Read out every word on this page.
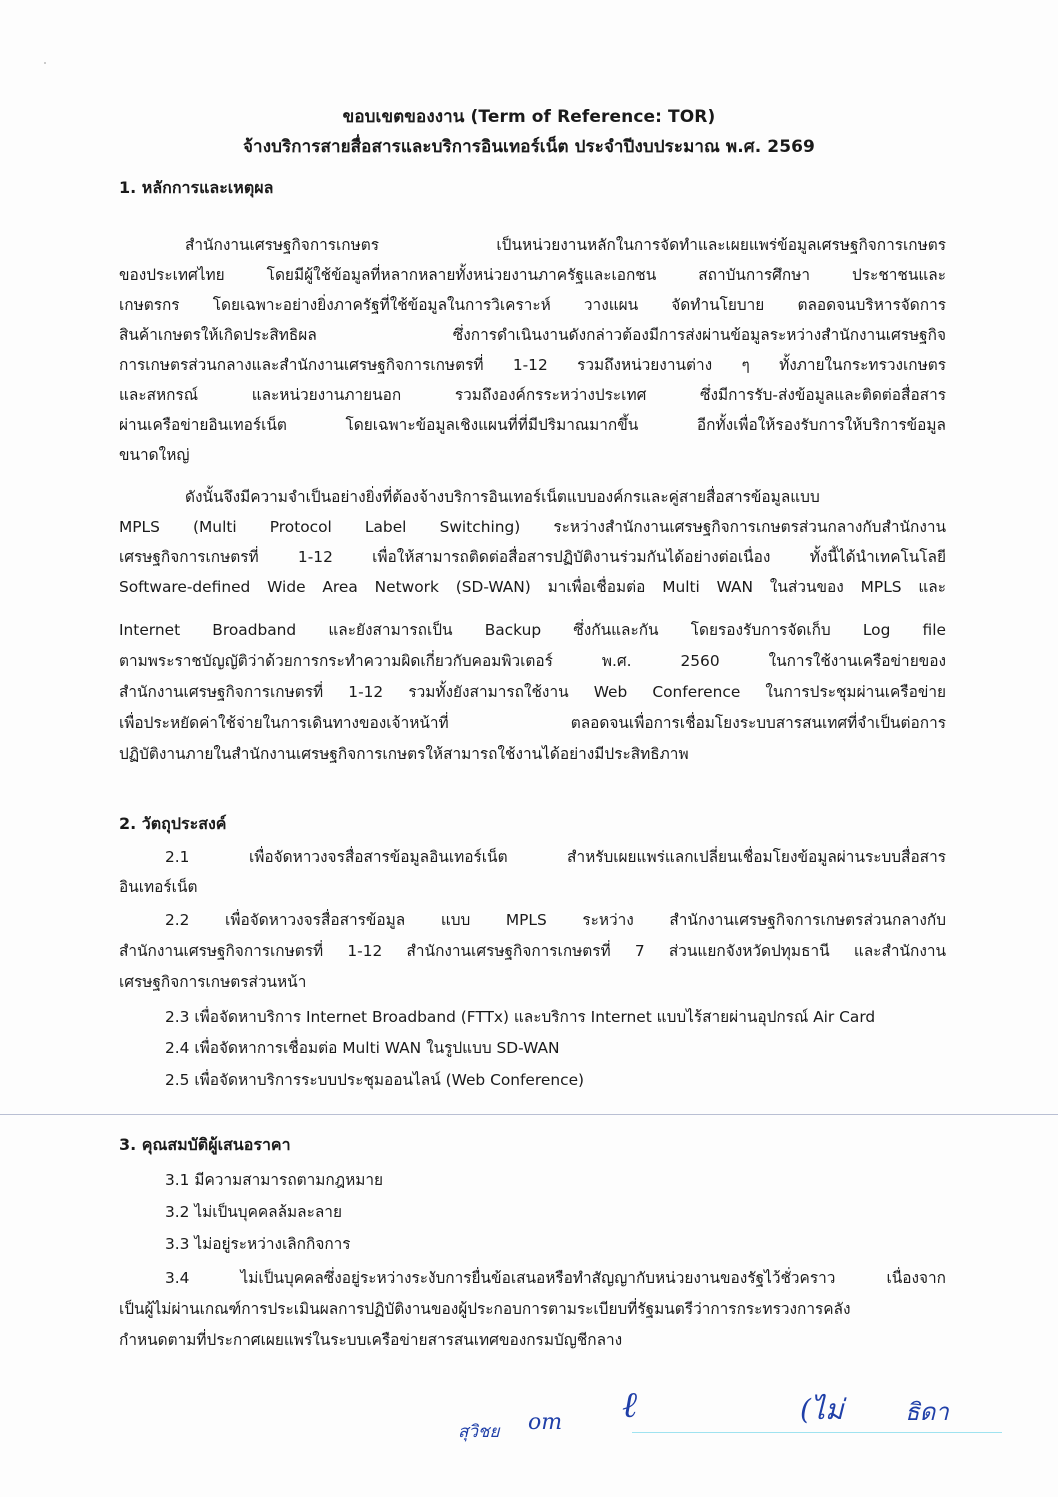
ขอบเขตของงาน (Term of Reference: TOR)
จ้างบริการสายสื่อสารและบริการอินเทอร์เน็ต ประจำปีงบประมาณ พ.ศ. 2569
1. หลักการและเหตุผล
สำนักงานเศรษฐกิจการเกษตร เป็นหน่วยงานหลักในการจัดทำและเผยแพร่ข้อมูลเศรษฐกิจการเกษตร
ของประเทศไทย โดยมีผู้ใช้ข้อมูลที่หลากหลายทั้งหน่วยงานภาครัฐและเอกชน สถาบันการศึกษา ประชาชนและ
เกษตรกร โดยเฉพาะอย่างยิ่งภาครัฐที่ใช้ข้อมูลในการวิเคราะห์ วางแผน จัดทำนโยบาย ตลอดจนบริหารจัดการ
สินค้าเกษตรให้เกิดประสิทธิผล ซึ่งการดำเนินงานดังกล่าวต้องมีการส่งผ่านข้อมูลระหว่างสำนักงานเศรษฐกิจ
การเกษตรส่วนกลางและสำนักงานเศรษฐกิจการเกษตรที่ 1-12 รวมถึงหน่วยงานต่าง ๆ ทั้งภายในกระทรวงเกษตร
และสหกรณ์ และหน่วยงานภายนอก รวมถึงองค์กรระหว่างประเทศ ซึ่งมีการรับ-ส่งข้อมูลและติดต่อสื่อสาร
ผ่านเครือข่ายอินเทอร์เน็ต โดยเฉพาะข้อมูลเชิงแผนที่ที่มีปริมาณมากขึ้น อีกทั้งเพื่อให้รองรับการให้บริการข้อมูล
ขนาดใหญ่
ดังนั้นจึงมีความจำเป็นอย่างยิ่งที่ต้องจ้างบริการอินเทอร์เน็ตแบบองค์กรและคู่สายสื่อสารข้อมูลแบบ
MPLS (Multi Protocol Label Switching) ระหว่างสำนักงานเศรษฐกิจการเกษตรส่วนกลางกับสำนักงาน
เศรษฐกิจการเกษตรที่ 1-12 เพื่อให้สามารถติดต่อสื่อสารปฏิบัติงานร่วมกันได้อย่างต่อเนื่อง ทั้งนี้ได้นำเทคโนโลยี
Software-defined Wide Area Network (SD-WAN) มาเพื่อเชื่อมต่อ Multi WAN ในส่วนของ MPLS และ
Internet Broadband และยังสามารถเป็น Backup ซึ่งกันและกัน โดยรองรับการจัดเก็บ Log file
ตามพระราชบัญญัติว่าด้วยการกระทำความผิดเกี่ยวกับคอมพิวเตอร์ พ.ศ. 2560 ในการใช้งานเครือข่ายของ
สำนักงานเศรษฐกิจการเกษตรที่ 1-12 รวมทั้งยังสามารถใช้งาน Web Conference ในการประชุมผ่านเครือข่าย
เพื่อประหยัดค่าใช้จ่ายในการเดินทางของเจ้าหน้าที่ ตลอดจนเพื่อการเชื่อมโยงระบบสารสนเทศที่จำเป็นต่อการ
ปฏิบัติงานภายในสำนักงานเศรษฐกิจการเกษตรให้สามารถใช้งานได้อย่างมีประสิทธิภาพ
2. วัตถุประสงค์
2.1 เพื่อจัดหาวงจรสื่อสารข้อมูลอินเทอร์เน็ต สำหรับเผยแพร่แลกเปลี่ยนเชื่อมโยงข้อมูลผ่านระบบสื่อสาร
อินเทอร์เน็ต
2.2 เพื่อจัดหาวงจรสื่อสารข้อมูล แบบ MPLS ระหว่าง สำนักงานเศรษฐกิจการเกษตรส่วนกลางกับ
สำนักงานเศรษฐกิจการเกษตรที่ 1-12 สำนักงานเศรษฐกิจการเกษตรที่ 7 ส่วนแยกจังหวัดปทุมธานี และสำนักงาน
เศรษฐกิจการเกษตรส่วนหน้า
2.3 เพื่อจัดหาบริการ Internet Broadband (FTTx) และบริการ Internet แบบไร้สายผ่านอุปกรณ์ Air Card
2.4 เพื่อจัดหาการเชื่อมต่อ Multi WAN ในรูปแบบ SD-WAN
2.5 เพื่อจัดหาบริการระบบประชุมออนไลน์ (Web Conference)
3. คุณสมบัติผู้เสนอราคา
3.1 มีความสามารถตามกฎหมาย
3.2 ไม่เป็นบุคคลล้มละลาย
3.3 ไม่อยู่ระหว่างเลิกกิจการ
3.4 ไม่เป็นบุคคลซึ่งอยู่ระหว่างระงับการยื่นข้อเสนอหรือทำสัญญากับหน่วยงานของรัฐไว้ชั่วคราว เนื่องจาก
เป็นผู้ไม่ผ่านเกณฑ์การประเมินผลการปฏิบัติงานของผู้ประกอบการตามระเบียบที่รัฐมนตรีว่าการกระทรวงการคลัง
กำหนดตามที่ประกาศเผยแพร่ในระบบเครือข่ายสารสนเทศของกรมบัญชีกลาง
สุวิชย om ℓ	(ไม่	ธิดา
